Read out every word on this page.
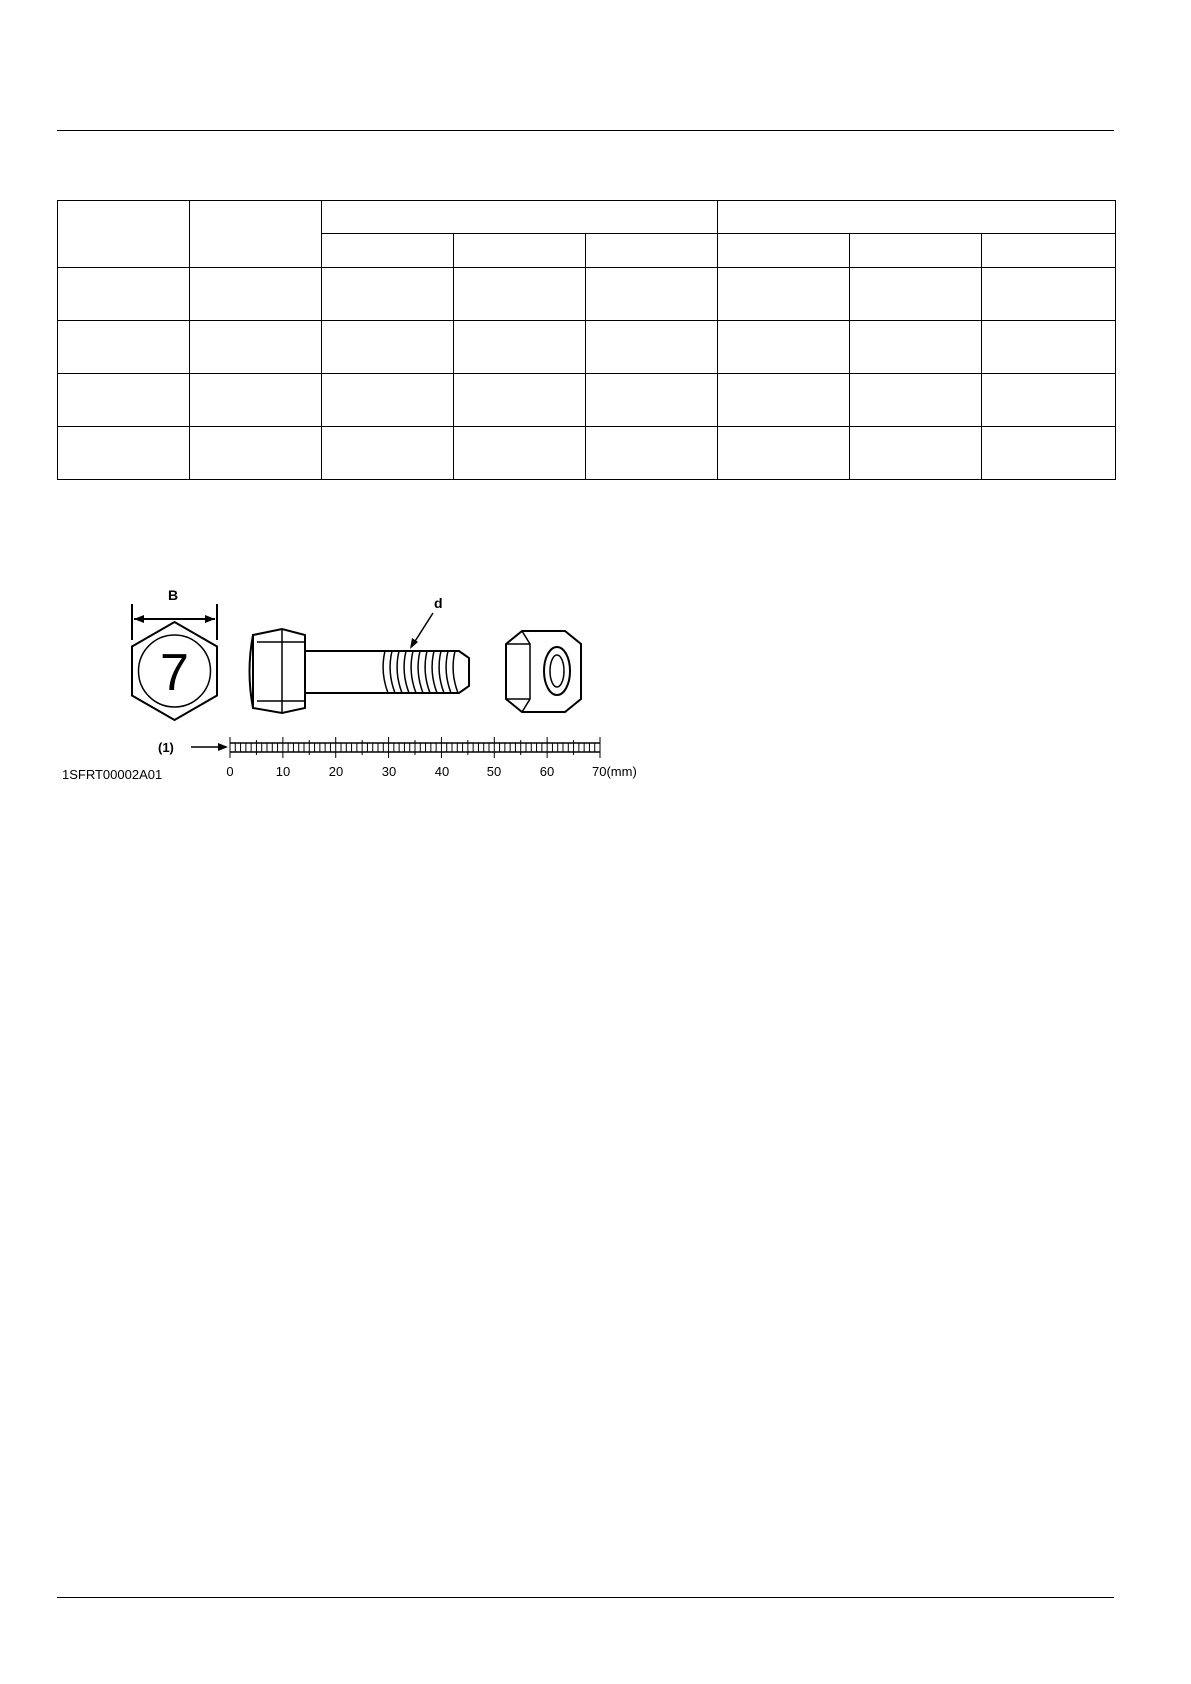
B	d
7
(1)
1SFRT00002A01	0	10	20	30	40	50	60	70(mm)
